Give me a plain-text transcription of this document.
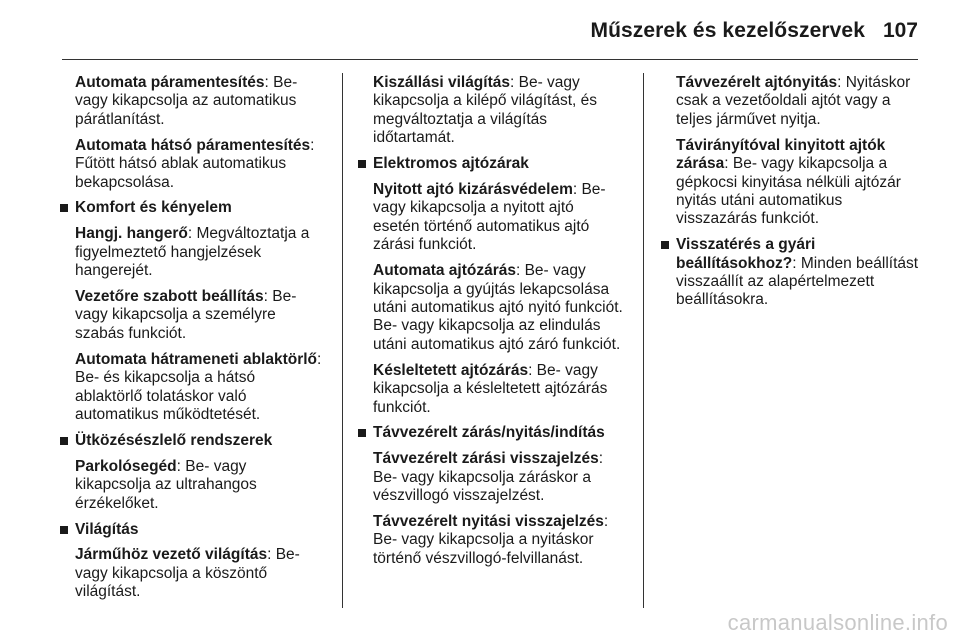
Műszerek és kezelőszervek 107
Automata páramentesítés: Be- vagy kikapcsolja az automatikus párátlanítást.
Automata hátsó páramentesítés: Fűtött hátsó ablak automatikus bekapcsolása.
Komfort és kényelem
Hangj. hangerő: Megváltoztatja a figyelmeztető hangjelzések hangerejét.
Vezetőre szabott beállítás: Be- vagy kikapcsolja a személyre szabás funkciót.
Automata hátrameneti ablaktörlő: Be- és kikapcsolja a hátsó ablaktörlő tolatáskor való automatikus működtetését.
Ütközésészlelő rendszerek
Parkolósegéd: Be- vagy kikapcsolja az ultrahangos érzékelőket.
Világítás
Járműhöz vezető világítás: Be- vagy kikapcsolja a köszöntő világítást.
Kiszállási világítás: Be- vagy kikapcsolja a kilépő világítást, és megváltoztatja a világítás időtartamát.
Elektromos ajtózárak
Nyitott ajtó kizárásvédelem: Be- vagy kikapcsolja a nyitott ajtó esetén történő automatikus ajtó zárási funkciót.
Automata ajtózárás: Be- vagy kikapcsolja a gyújtás lekapcsolása utáni automatikus ajtó nyitó funkciót. Be- vagy kikapcsolja az elindulás utáni automatikus ajtó záró funkciót.
Késleltetett ajtózárás: Be- vagy kikapcsolja a késleltetett ajtózárás funkciót.
Távvezérelt zárás/nyitás/indítás
Távvezérelt zárási visszajelzés: Be- vagy kikapcsolja záráskor a vészvillogó visszajelzést.
Távvezérelt nyitási visszajelzés: Be- vagy kikapcsolja a nyitáskor történő vészvillogó-felvillanást.
Távvezérelt ajtónyitás: Nyitáskor csak a vezetőoldali ajtót vagy a teljes járművet nyitja.
Távirányítóval kinyitott ajtók zárása: Be- vagy kikapcsolja a gépkocsi kinyitása nélküli ajtózár nyitás utáni automatikus visszazárás funkciót.
Visszatérés a gyári beállításokhoz?: Minden beállítást visszaállít az alapértelmezett beállításokra.
carmanualsonline.info
